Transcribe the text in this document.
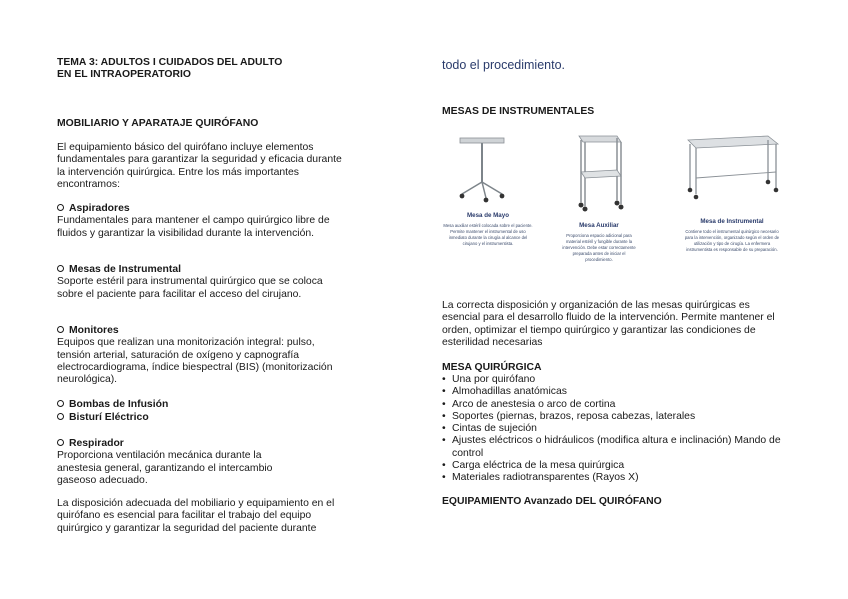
TEMA 3: ADULTOS I CUIDADOS DEL ADULTO

EN EL INTRAOPERATORIO

MOBILIARIO Y APARATAJE QUIRÓFANO

El equipamiento básico del quirófano incluye elementos fundamentales para garantizar la seguridad y eficacia durante la intervención quirúrgica. Entre los más importantes encontramos:

Aspiradores

Fundamentales para mantener el campo quirúrgico libre de fluidos y garantizar la visibilidad durante la intervención.

Mesas de Instrumental

Soporte estéril para instrumental quirúrgico que se coloca sobre el paciente para facilitar el acceso del cirujano.

Monitores

Equipos que realizan una monitorización integral: pulso, tensión arterial, saturación de oxígeno y capnografía electrocardiograma, índice biespectral (BIS) (monitorización neurológica).

Bombas de Infusión

Bisturí Eléctrico

Respirador

Proporciona ventilación mecánica durante la anestesia general, garantizando el intercambio gaseoso adecuado.

La disposición adecuada del mobiliario y equipamiento en el quirófano es esencial para facilitar el trabajo del equipo quirúrgico y garantizar la seguridad del paciente durante

todo el procedimiento.

MESAS DE INSTRUMENTALES

Mesa de Mayo

Mesa auxiliar estéril colocada sobre el paciente. Permite mantener el instrumental de uso inmediato durante la cirugía al alcance del cirujano y el instrumentista.

Mesa Auxiliar

Proporciona espacio adicional para material estéril y fungible durante la intervención. Debe estar correctamente preparada antes de iniciar el procedimiento.

Mesa de Instrumental

Contiene todo el instrumental quirúrgico necesario para la intervención, organizado según el orden de utilización y tipo de cirugía. La enfermera instrumentista es responsable de su preparación.

La correcta disposición y organización de las mesas quirúrgicas es esencial para el desarrollo fluido de la intervención. Permite mantener el orden, optimizar el tiempo quirúrgico y garantizar las condiciones de esterilidad necesarias

MESA QUIRÚRGICA

• Una por quirófano
• Almohadillas anatómicas
• Arco de anestesia o arco de cortina
• Soportes (piernas, brazos, reposa cabezas, laterales
• Cintas de sujeción
• Ajustes eléctricos o hidráulicos (modifica altura e inclinación) Mando de control
• Carga eléctrica de la mesa quirúrgica
• Materiales radiotransparentes (Rayos X)

EQUIPAMIENTO Avanzado DEL QUIRÓFANO
